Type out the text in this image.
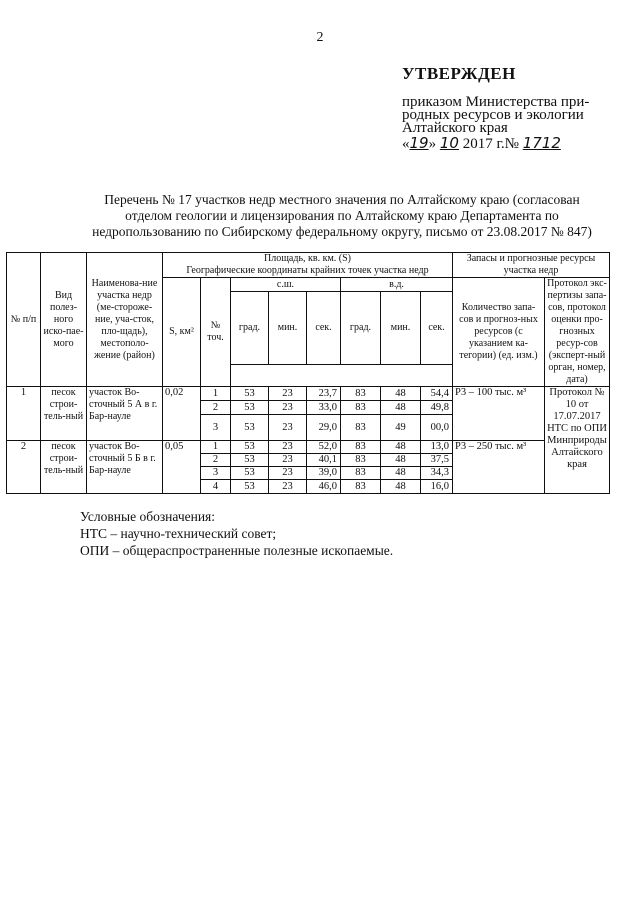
2
УТВЕРЖДЕН
приказом Министерства при-
родных ресурсов и экологии
Алтайского края
«19» 10 2017 г.№ 1712
Перечень № 17 участков недр местного значения по Алтайскому краю (согласован отделом геологии и лицензирования по Алтайскому краю Департамента по недропользованию по Сибирскому федеральному округу, письмо от 23.08.2017 № 847)
№ п/п	Вид полез-ного иско-пае-мого	Наименова-ние участка недр (ме-стороже-ние, уча-сток, пло-щадь), местополо-жение (район)	Площадь, кв. км. (S)
Географические координаты крайних точек участка недр								Запасы и прогнозные ресурсы участка недр	
			S, км²	№ точ.	с.ш.			в.д.			Количество запа-сов и прогноз-ных ресурсов (с указанием ка-тегории) (ед. изм.)	Протокол экс-пертизы запа-сов, протокол оценки про-гнозных ресур-сов (эксперт-ный орган, номер, дата)
					град.	мин.	сек.	град.	мин.	сек.		

1	песок строи-тель-ный	участок Во-сточный 5 А в г. Бар-науле	0,02	1	53	23	23,7	83	48	54,4	Р3 – 100 тыс. м³	Протокол № 10 от 17.07.2017 НТС по ОПИ Минприроды Алтайского края
				2	53	23	33,0	83	48	49,8		
				3	53	23	29,0	83	49	00,0		
2	песок строи-тель-ный	участок Во-сточный 5 Б в г. Бар-науле	0,05	1	53	23	52,0	83	48	13,0	Р3 – 250 тыс. м³	
				2	53	23	40,1	83	48	37,5		
				3	53	23	39,0	83	48	34,3		
				4	53	23	46,0	83	48	16,0		
Условные обозначения:
НТС – научно-технический совет;
ОПИ – общераспространенные полезные ископаемые.
